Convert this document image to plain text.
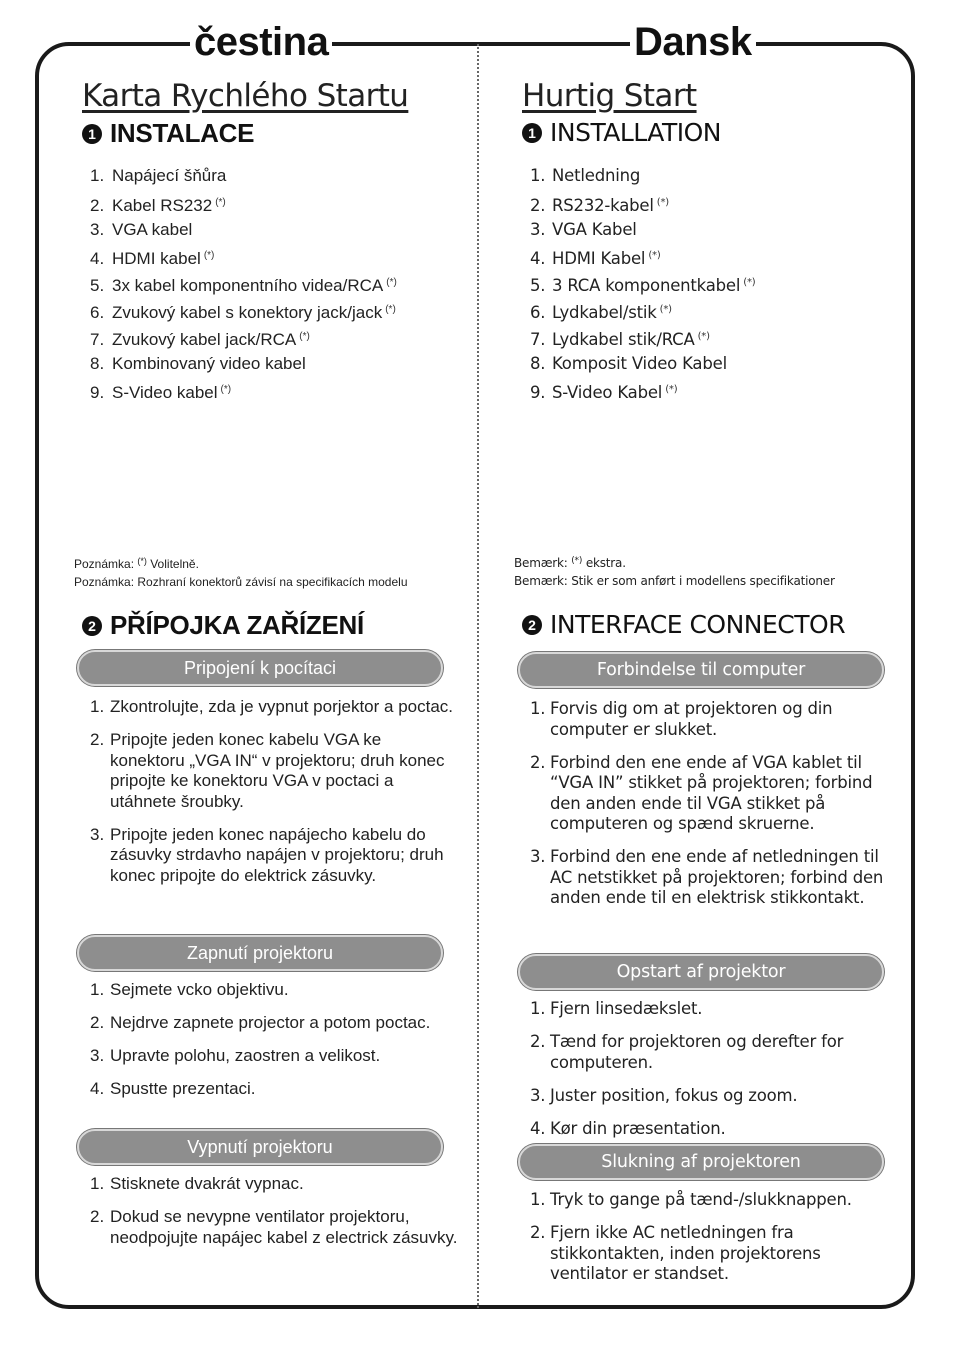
čestina	Dansk
Karta Rychlého Startu
1 INSTALACE
1. Napájecí šňůra
2. Kabel RS232 (*)
3. VGA kabel
4. HDMI kabel (*)
5. 3x kabel komponentního videa/RCA (*)
6. Zvukový kabel s konektory jack/jack (*)
7. Zvukový kabel jack/RCA (*)
8. Kombinovaný video kabel
9. S-Video kabel (*)
Poznámka: (*) Volitelně.
Poznámka: Rozhraní konektorů závisí na specifikacích modelu
2 PŘÍPOJKA ZAŘÍZENÍ
Pripojení k pocítaci
1. Zkontrolujte, zda je vypnut porjektor a poctac.
2. Pripojte jeden konec kabelu VGA ke konektoru „VGA IN“ v projektoru; druh konec pripojte ke konektoru VGA v poctaci a utáhnete šroubky.
3. Pripojte jeden konec napájecho kabelu do zásuvky strdavho napájen v projektoru; druh konec pripojte do elektrick zásuvky.
Zapnutí projektoru
1. Sejmete vcko objektivu.
2. Nejdrve zapnete projector a potom poctac.
3. Upravte polohu, zaostren a velikost.
4. Spustte prezentaci.
Vypnutí projektoru
1. Stisknete dvakrát vypnac.
2. Dokud se nevypne ventilator projektoru, neodpojujte napájec kabel z electrick zásuvky.
Hurtig Start
1 INSTALLATION
1. Netledning
2. RS232-kabel (*)
3. VGA Kabel
4. HDMI Kabel (*)
5. 3 RCA komponentkabel (*)
6. Lydkabel/stik (*)
7. Lydkabel stik/RCA (*)
8. Komposit Video Kabel
9. S-Video Kabel (*)
Bemærk: (*) ekstra.
Bemærk: Stik er som anført i modellens specifikationer
2 INTERFACE CONNECTOR
Forbindelse til computer
1. Forvis dig om at projektoren og din computer er slukket.
2. Forbind den ene ende af VGA kablet til “VGA IN” stikket på projektoren; forbind den anden ende til VGA stikket på computeren og spænd skruerne.
3. Forbind den ene ende af netledningen til AC netstikket på projektoren; forbind den anden ende til en elektrisk stikkontakt.
Opstart af projektor
1. Fjern linsedækslet.
2. Tænd for projektoren og derefter for computeren.
3. Juster position, fokus og zoom.
4. Kør din præsentation.
Slukning af projektoren
1. Tryk to gange på tænd-/slukknappen.
2. Fjern ikke AC netledningen fra stikkontakten, inden projektorens ventilator er standset.
